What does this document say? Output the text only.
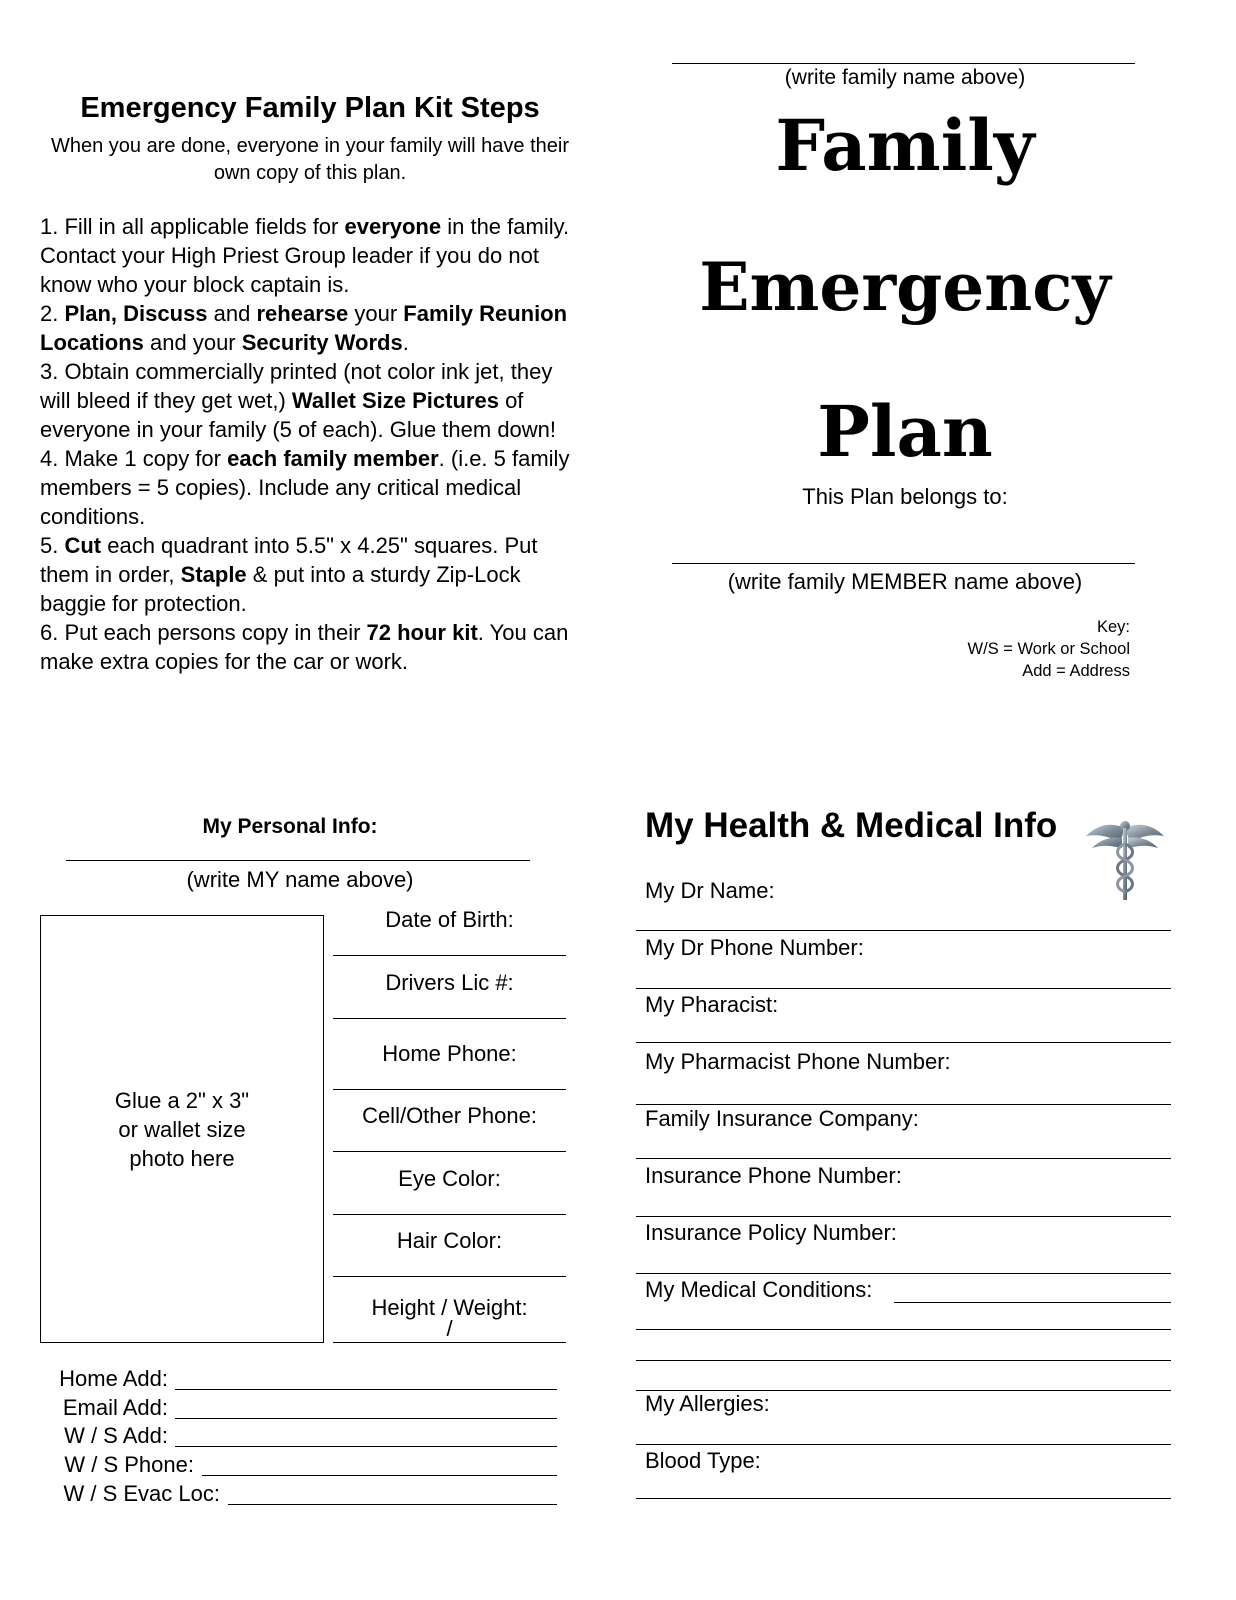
Emergency Family Plan Kit Steps
When you are done, everyone in your family will have their own copy of this plan.

1. Fill in all applicable fields for everyone in the family. Contact your High Priest Group leader if you do not know who your block captain is.

2. Plan, Discuss and rehearse your Family Reunion Locations and your Security Words.

3. Obtain commercially printed (not color ink jet, they will bleed if they get wet,) Wallet Size Pictures of everyone in your family (5 of each). Glue them down!

4. Make 1 copy for each family member. (i.e. 5 family members = 5 copies). Include any critical medical conditions.

5. Cut each quadrant into 5.5" x 4.25" squares. Put them in order, Staple & put into a sturdy Zip-Lock baggie for protection.

6. Put each persons copy in their 72 hour kit. You can make extra copies for the car or work.

(write family name above)
Family
Emergency
Plan
This Plan belongs to:
(write family MEMBER name above)
Key:
W/S = Work or School
Add = Address
My Personal Info:
(write MY name above)
Glue a 2" x 3"
or wallet size
photo here
Date of Birth:
Drivers Lic #:
Home Phone:
Cell/Other Phone:
Eye Color:
Hair Color:
Height / Weight:
/
Home Add:
Email Add:
W / S Add:
W / S Phone:
W / S Evac Loc:
My Health & Medical Info
My Dr Name:
My Dr Phone Number:
My Pharacist:
My Pharmacist Phone Number:
Family Insurance Company:
Insurance Phone Number:
Insurance Policy Number:
My Medical Conditions:
My Allergies:
Blood Type:
